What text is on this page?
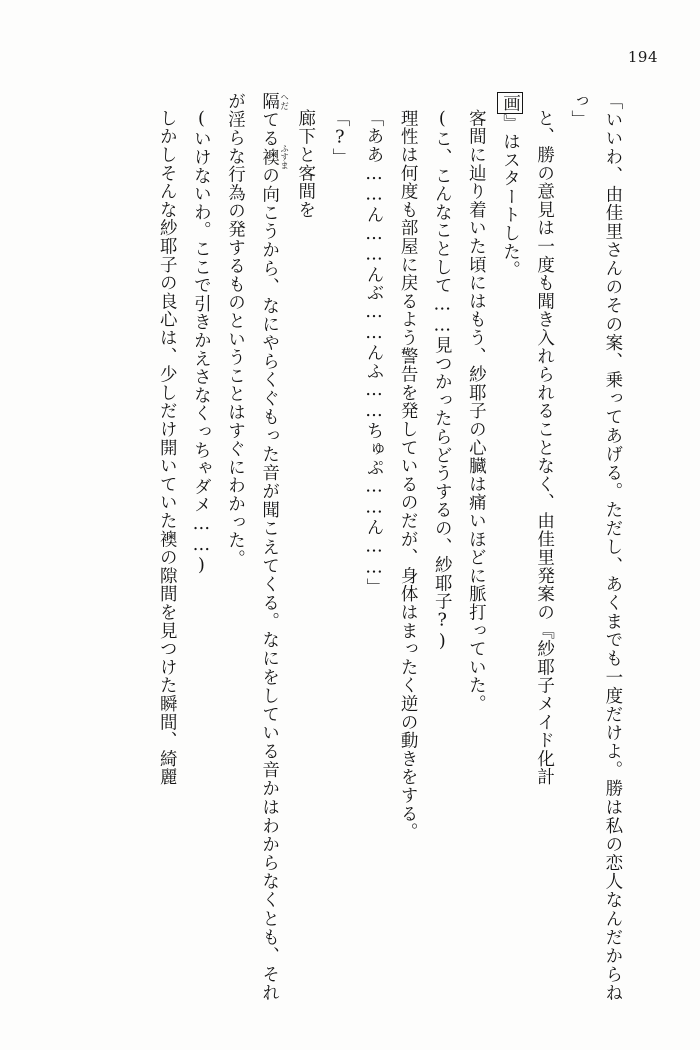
194

「いいわ、由佳里さんのその案、乗ってあげる。ただし、あくまでも一度だけよ。勝は私の恋人なんだからねっ」
と、勝の意見は一度も聞き入れられることなく、由佳里発案の『紗耶子メイド化計
画』はスタートした。
客間に辿り着いた頃にはもう、紗耶子の心臓は痛いほどに脈打っていた。
(こ、こんなことして……見つかったらどうするの、紗耶子?)
理性は何度も部屋に戻るよう警告を発しているのだが、身体はまったく逆の動きをする。
「ああ……ん……んぶ……んふ……ちゅぷ……ん……」
「?」
廊下と客間を
隔 へだてる襖 ふすまの向こうから、なにやらくぐもった音が聞こえてくる。なにをしている音かはわからなくとも、それが淫らな行為の発するものということはすぐにわかった。
(いけないわ。ここで引きかえさなくっちゃダメ……)
しかしそんな紗耶子の良心は、少しだけ開いていた襖の隙間を見つけた瞬間、綺麗
